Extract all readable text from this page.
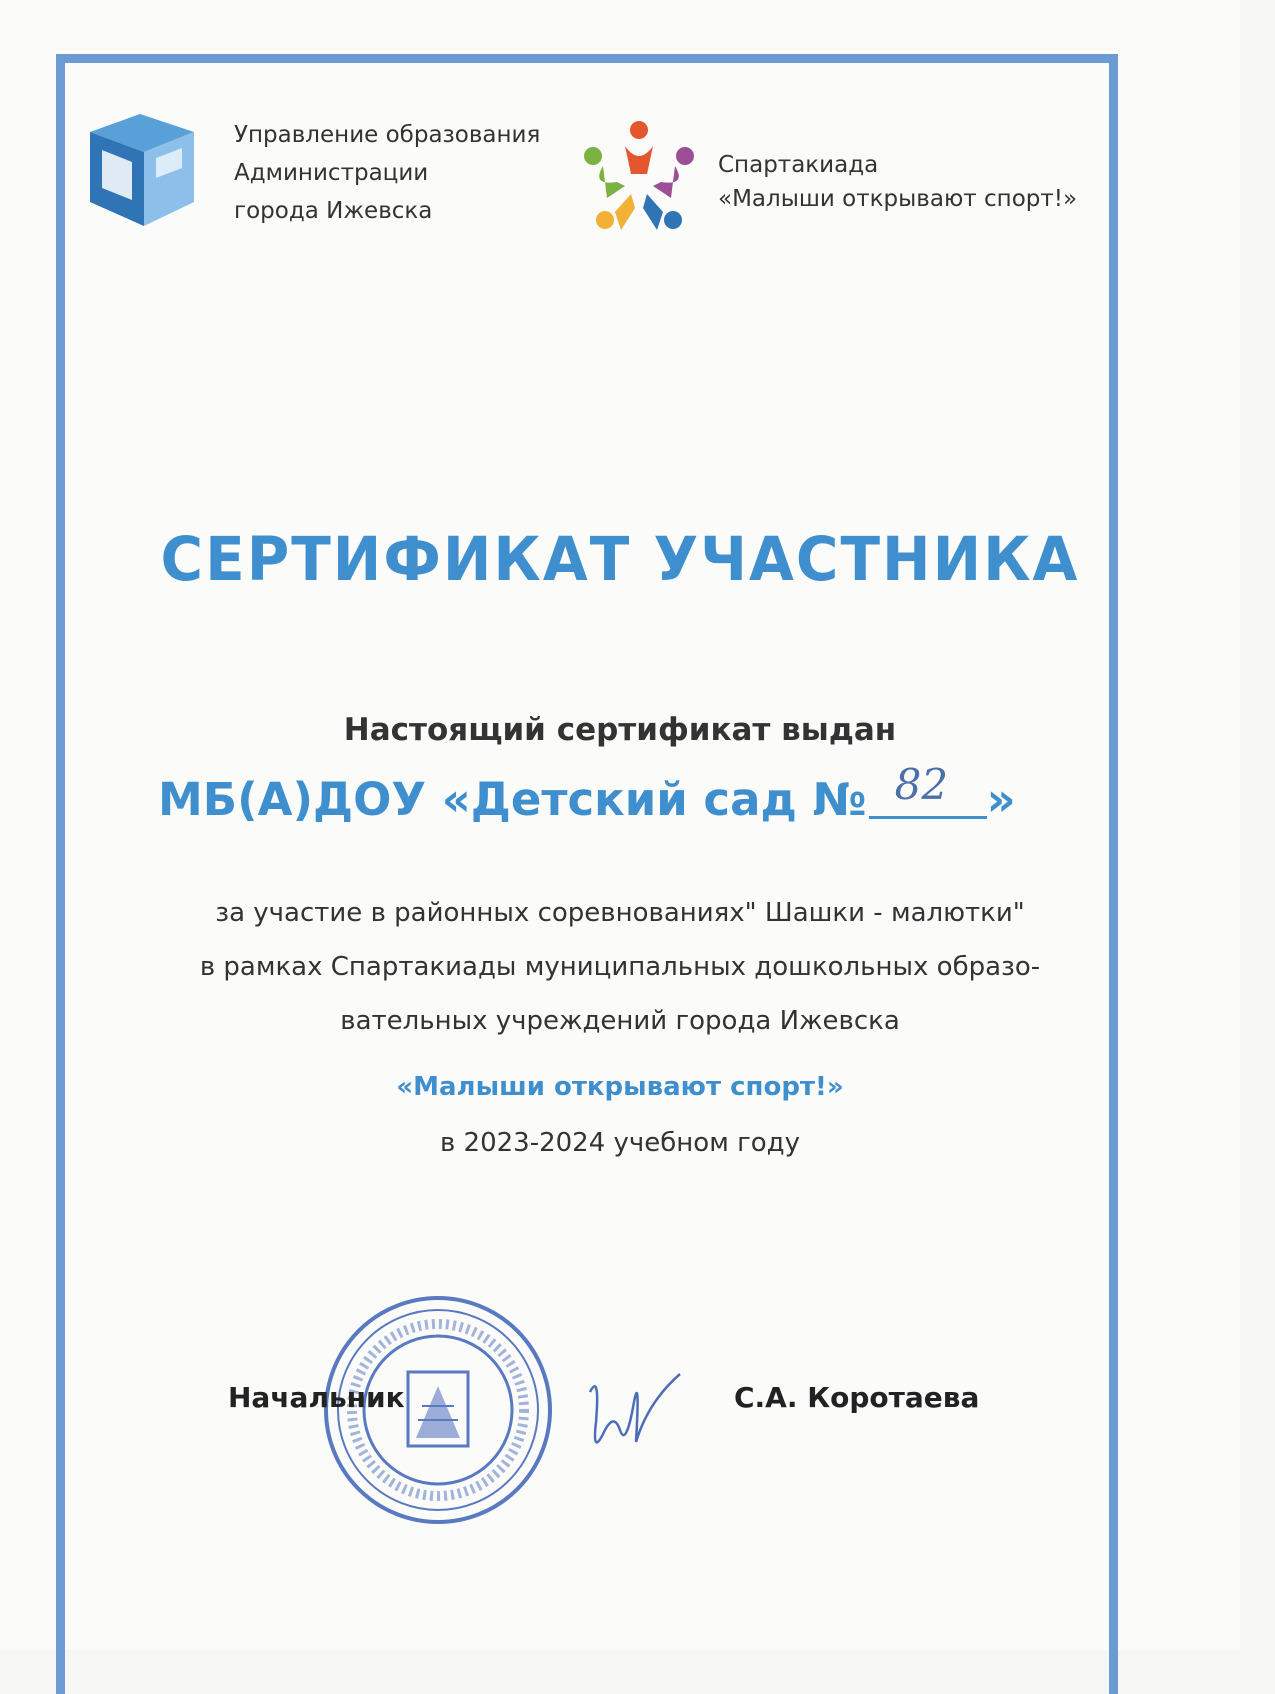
Управление образования
Администрации
города Ижевска
Спартакиада
«Малыши открывают спорт!»
СЕРТИФИКАТ УЧАСТНИКА
Настоящий сертификат выдан
МБ(А)ДОУ «Детский сад № 82 »
за участие в районных соревнованиях" Шашки - малютки"
в рамках Спартакиады муниципальных дошкольных образо-
вательных учреждений города Ижевска
«Малыши открывают спорт!»
в 2023-2024 учебном году
Начальник	С.А. Коротаева
